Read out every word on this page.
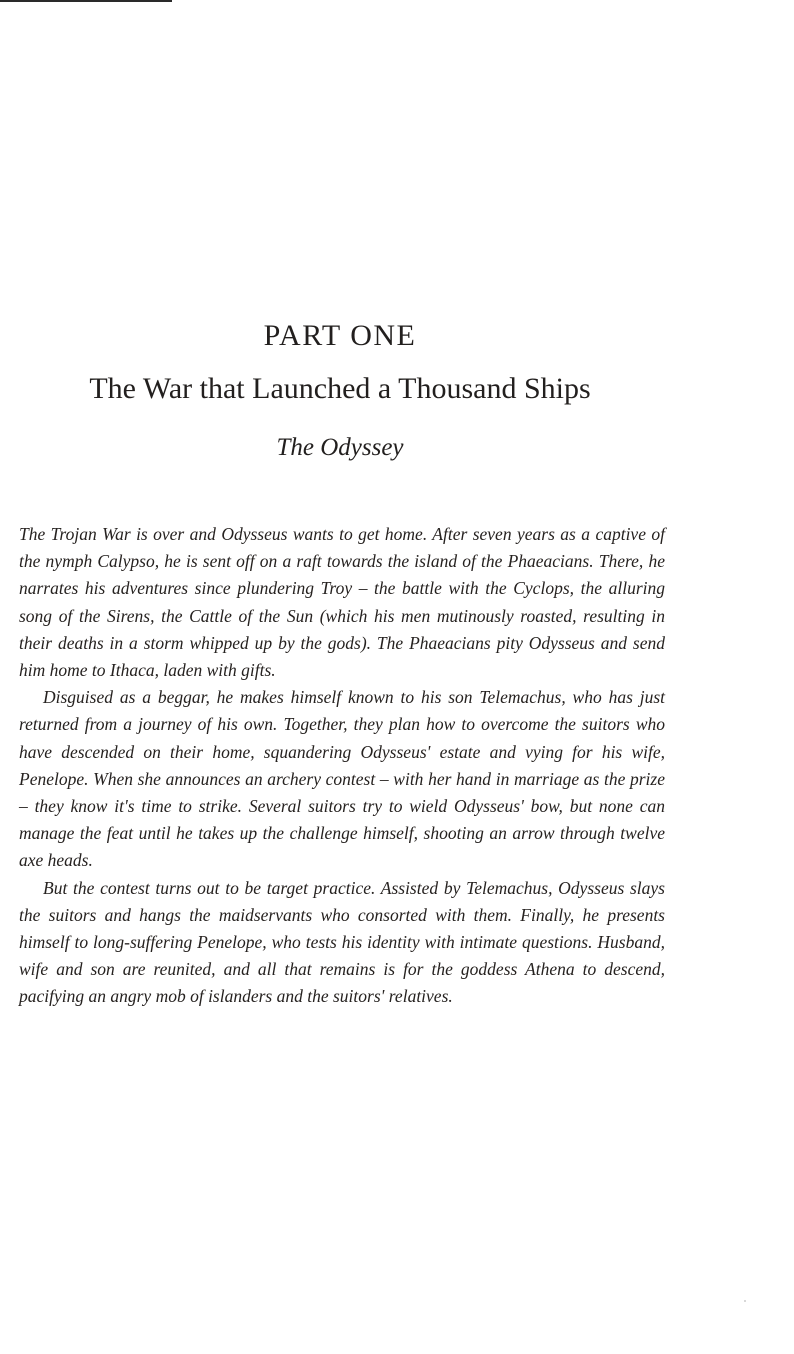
PART ONE
The War that Launched a Thousand Ships
The Odyssey

The Trojan War is over and Odysseus wants to get home. After seven years as a captive of the nymph Calypso, he is sent off on a raft towards the island of the Phaeacians. There, he narrates his adventures since plundering Troy – the battle with the Cyclops, the alluring song of the Sirens, the Cattle of the Sun (which his men mutinously roasted, resulting in their deaths in a storm whipped up by the gods). The Phaeacians pity Odysseus and send him home to Ithaca, laden with gifts.

Disguised as a beggar, he makes himself known to his son Telemachus, who has just returned from a journey of his own. Together, they plan how to overcome the suitors who have descended on their home, squandering Odysseus' estate and vying for his wife, Penelope. When she announces an archery contest – with her hand in marriage as the prize – they know it's time to strike. Several suitors try to wield Odysseus' bow, but none can manage the feat until he takes up the challenge himself, shooting an arrow through twelve axe heads.

But the contest turns out to be target practice. Assisted by Telemachus, Odysseus slays the suitors and hangs the maidservants who consorted with them. Finally, he presents himself to long-suffering Penelope, who tests his identity with intimate questions. Husband, wife and son are reunited, and all that remains is for the goddess Athena to descend, pacifying an angry mob of islanders and the suitors' relatives.
